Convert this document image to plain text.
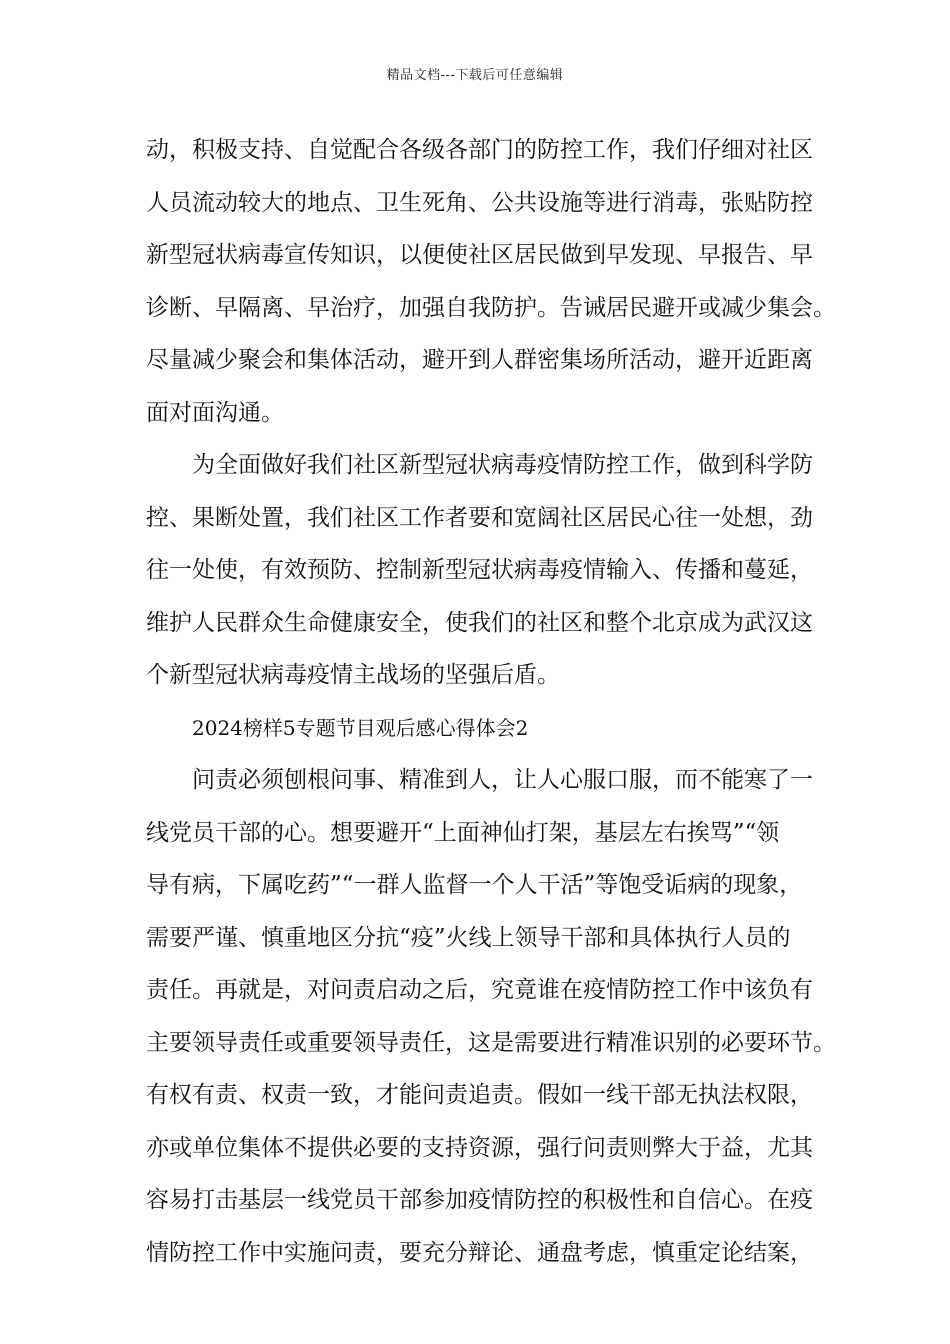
精品文档---下载后可任意编辑
动，积极支持、自觉配合各级各部门的防控工作，我们仔细对社区
人员流动较大的地点、卫生死角、公共设施等进行消毒，张贴防控
新型冠状病毒宣传知识，以便使社区居民做到早发现、早报告、早
诊断、早隔离、早治疗，加强自我防护。告诫居民避开或减少集会。
尽量减少聚会和集体活动，避开到人群密集场所活动，避开近距离
面对面沟通。
为全面做好我们社区新型冠状病毒疫情防控工作，做到科学防
控、果断处置，我们社区工作者要和宽阔社区居民心往一处想，劲
往一处使，有效预防、控制新型冠状病毒疫情输入、传播和蔓延，
维护人民群众生命健康安全，使我们的社区和整个北京成为武汉这
个新型冠状病毒疫情主战场的坚强后盾。
2024榜样5专题节目观后感心得体会2
问责必须刨根问事、精准到人，让人心服口服，而不能寒了一
线党员干部的心。想要避开“上面神仙打架，基层左右挨骂”“领
导有病，下属吃药”“一群人监督一个人干活”等饱受诟病的现象，
需要严谨、慎重地区分抗“疫”火线上领导干部和具体执行人员的
责任。再就是，对问责启动之后，究竟谁在疫情防控工作中该负有
主要领导责任或重要领导责任，这是需要进行精准识别的必要环节。
有权有责、权责一致，才能问责追责。假如一线干部无执法权限，
亦或单位集体不提供必要的支持资源，强行问责则弊大于益，尤其
容易打击基层一线党员干部参加疫情防控的积极性和自信心。在疫
情防控工作中实施问责，要充分辩论、通盘考虑，慎重定论结案，
